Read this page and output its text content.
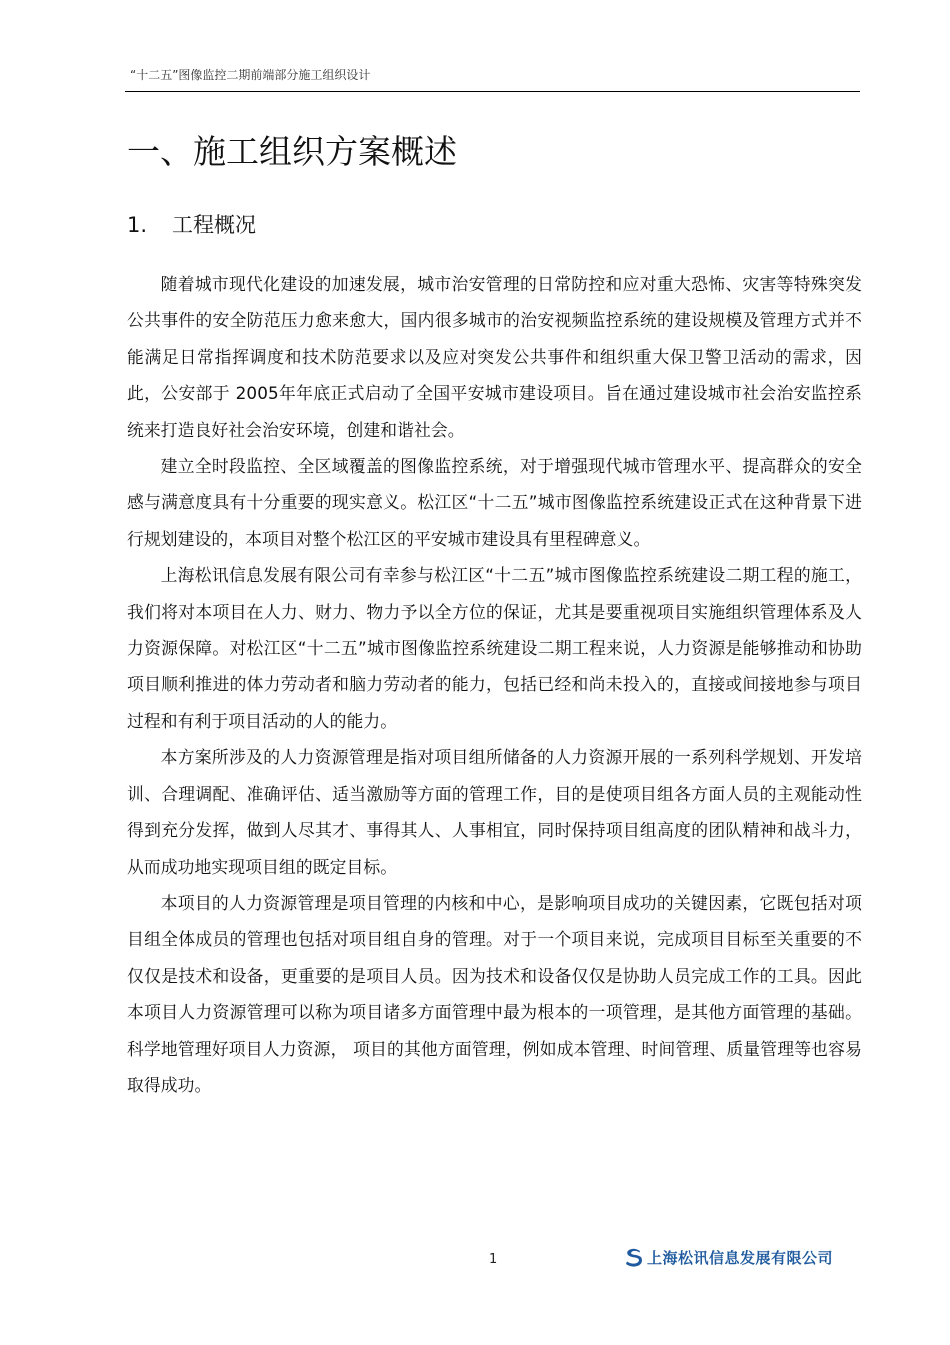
“十二五”图像监控二期前端部分施工组织设计
一、施工组织方案概述
1. 工程概况

随着城市现代化建设的加速发展，城市治安管理的日常防控和应对重大恐怖、灾害等特殊突发公共事件的安全防范压力愈来愈大，国内很多城市的治安视频监控系统的建设规模及管理方式并不能满足日常指挥调度和技术防范要求以及应对突发公共事件和组织重大保卫警卫活动的需求，因此，公安部于 2005年年底正式启动了全国平安城市建设项目。旨在通过建设城市社会治安监控系统来打造良好社会治安环境，创建和谐社会。

建立全时段监控、全区域覆盖的图像监控系统，对于增强现代城市管理水平、提高群众的安全感与满意度具有十分重要的现实意义。松江区“十二五”城市图像监控系统建设正式在这种背景下进行规划建设的，本项目对整个松江区的平安城市建设具有里程碑意义。

上海松讯信息发展有限公司有幸参与松江区“十二五”城市图像监控系统建设二期工程的施工，我们将对本项目在人力、财力、物力予以全方位的保证，尤其是要重视项目实施组织管理体系及人力资源保障。对松江区“十二五”城市图像监控系统建设二期工程来说，人力资源是能够推动和协助项目顺利推进的体力劳动者和脑力劳动者的能力，包括已经和尚未投入的，直接或间接地参与项目过程和有利于项目活动的人的能力。

本方案所涉及的人力资源管理是指对项目组所储备的人力资源开展的一系列科学规划、开发培训、合理调配、准确评估、适当激励等方面的管理工作，目的是使项目组各方面人员的主观能动性得到充分发挥，做到人尽其才、事得其人、人事相宜，同时保持项目组高度的团队精神和战斗力，从而成功地实现项目组的既定目标。

本项目的人力资源管理是项目管理的内核和中心，是影响项目成功的关键因素，它既包括对项目组全体成员的管理也包括对项目组自身的管理。对于一个项目来说，完成项目目标至关重要的不仅仅是技术和设备，更重要的是项目人员。因为技术和设备仅仅是协助人员完成工作的工具。因此本项目人力资源管理可以称为项目诸多方面管理中最为根本的一项管理，是其他方面管理的基础。科学地管理好项目人力资源， 项目的其他方面管理，例如成本管理、时间管理、质量管理等也容易取得成功。

1	上海松讯信息发展有限公司
